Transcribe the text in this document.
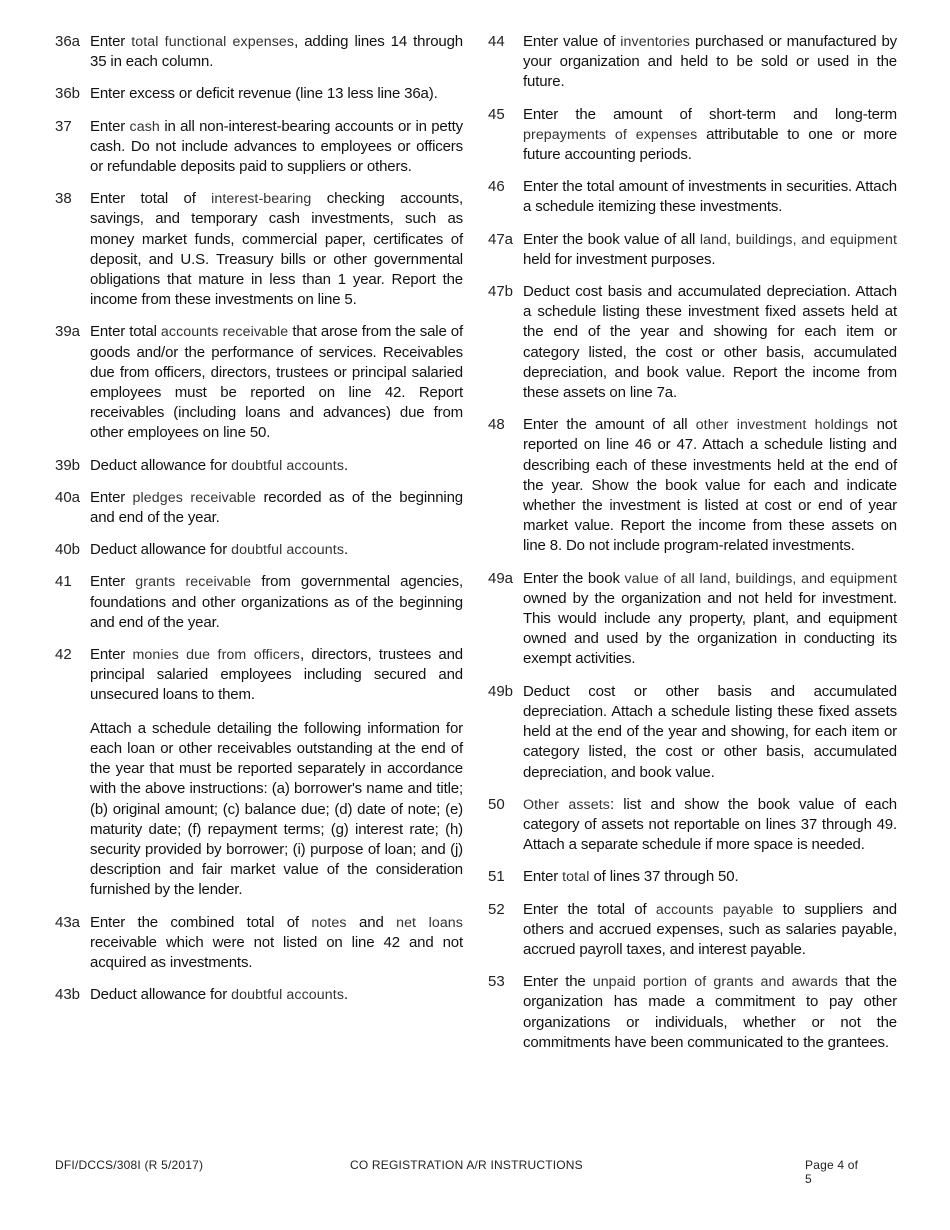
36a Enter total functional expenses, adding lines 14 through 35 in each column.
36b Enter excess or deficit revenue (line 13 less line 36a).
37	Enter cash in all non-interest-bearing accounts or in petty cash. Do not include advances to employees or officers or refundable deposits paid to suppliers or others.
38	Enter total of interest-bearing checking accounts, savings, and temporary cash investments, such as money market funds, commercial paper, certificates of deposit, and U.S. Treasury bills or other governmental obligations that mature in less than 1 year. Report the income from these investments on line 5.
39a Enter total accounts receivable that arose from the sale of goods and/or the performance of services. Receivables due from officers, directors, trustees or principal salaried employees must be reported on line 42. Report receivables (including loans and advances) due from other employees on line 50.
39b Deduct allowance for doubtful accounts.
40a Enter pledges receivable recorded as of the beginning and end of the year.
40b Deduct allowance for doubtful accounts.
41	Enter grants receivable from governmental agencies, foundations and other organizations as of the beginning and end of the year.
42	Enter monies due from officers, directors, trustees and principal salaried employees including secured and unsecured loans to them.

Attach a schedule detailing the following information for each loan or other receivables outstanding at the end of the year that must be reported separately in accordance with the above instructions: (a) borrower's name and title; (b) original amount; (c) balance due; (d) date of note; (e) maturity date; (f) repayment terms; (g) interest rate; (h) security provided by borrower; (i) purpose of loan; and (j) description and fair market value of the consideration furnished by the lender.

43a Enter the combined total of notes and net loans receivable which were not listed on line 42 and not acquired as investments.
43b Deduct allowance for doubtful accounts.
44	Enter value of inventories purchased or manufactured by your organization and held to be sold or used in the future.
45	Enter the amount of short-term and long-term prepayments of expenses attributable to one or more future accounting periods.
46	Enter the total amount of investments in securities. Attach a schedule itemizing these investments.
47a Enter the book value of all land, buildings, and equipment held for investment purposes.
47b Deduct cost basis and accumulated depreciation. Attach a schedule listing these investment fixed assets held at the end of the year and showing for each item or category listed, the cost or other basis, accumulated depreciation, and book value. Report the income from these assets on line 7a.
48	Enter the amount of all other investment holdings not reported on line 46 or 47. Attach a schedule listing and describing each of these investments held at the end of the year. Show the book value for each and indicate whether the investment is listed at cost or end of year market value. Report the income from these assets on line 8. Do not include program-related investments.
49a Enter the book value of all land, buildings, and equipment owned by the organization and not held for investment. This would include any property, plant, and equipment owned and used by the organization in conducting its exempt activities.
49b Deduct cost or other basis and accumulated depreciation. Attach a schedule listing these fixed assets held at the end of the year and showing, for each item or category listed, the cost or other basis, accumulated depreciation, and book value.
50	Other assets: list and show the book value of each category of assets not reportable on lines 37 through 49. Attach a separate schedule if more space is needed.
51	Enter total of lines 37 through 50.
52	Enter the total of accounts payable to suppliers and others and accrued expenses, such as salaries payable, accrued payroll taxes, and interest payable.
53	Enter the unpaid portion of grants and awards that the organization has made a commitment to pay other organizations or individuals, whether or not the commitments have been communicated to the grantees.
DFI/DCCS/308I (R 5/2017)	CO REGISTRATION A/R INSTRUCTIONS	Page 4 of 5
